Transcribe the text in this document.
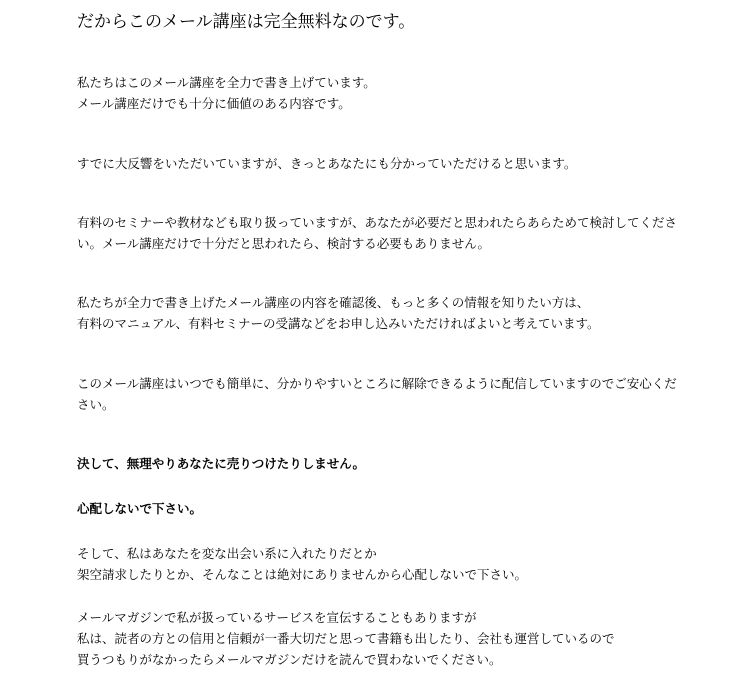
だからこのメール講座は完全無料なのです。
私たちはこのメール講座を全力で書き上げています。
メール講座だけでも十分に価値のある内容です。
すでに大反響をいただいていますが、きっとあなたにも分かっていただけると思います。
有料のセミナーや教材なども取り扱っていますが、あなたが必要だと思われたらあらためて検討してくださ
い。メール講座だけで十分だと思われたら、検討する必要もありません。
私たちが全力で書き上げたメール講座の内容を確認後、もっと多くの情報を知りたい方は、
有料のマニュアル、有料セミナーの受講などをお申し込みいただければよいと考えています。
このメール講座はいつでも簡単に、分かりやすいところに解除できるように配信していますのでご安心くだ
さい。
決して、無理やりあなたに売りつけたりしません。
心配しないで下さい。
そして、私はあなたを変な出会い系に入れたりだとか
架空請求したりとか、そんなことは絶対にありませんから心配しないで下さい。
メールマガジンで私が扱っているサービスを宣伝することもありますが
私は、読者の方との信用と信頼が一番大切だと思って書籍も出したり、会社も運営しているので
買うつもりがなかったらメールマガジンだけを読んで買わないでください。
